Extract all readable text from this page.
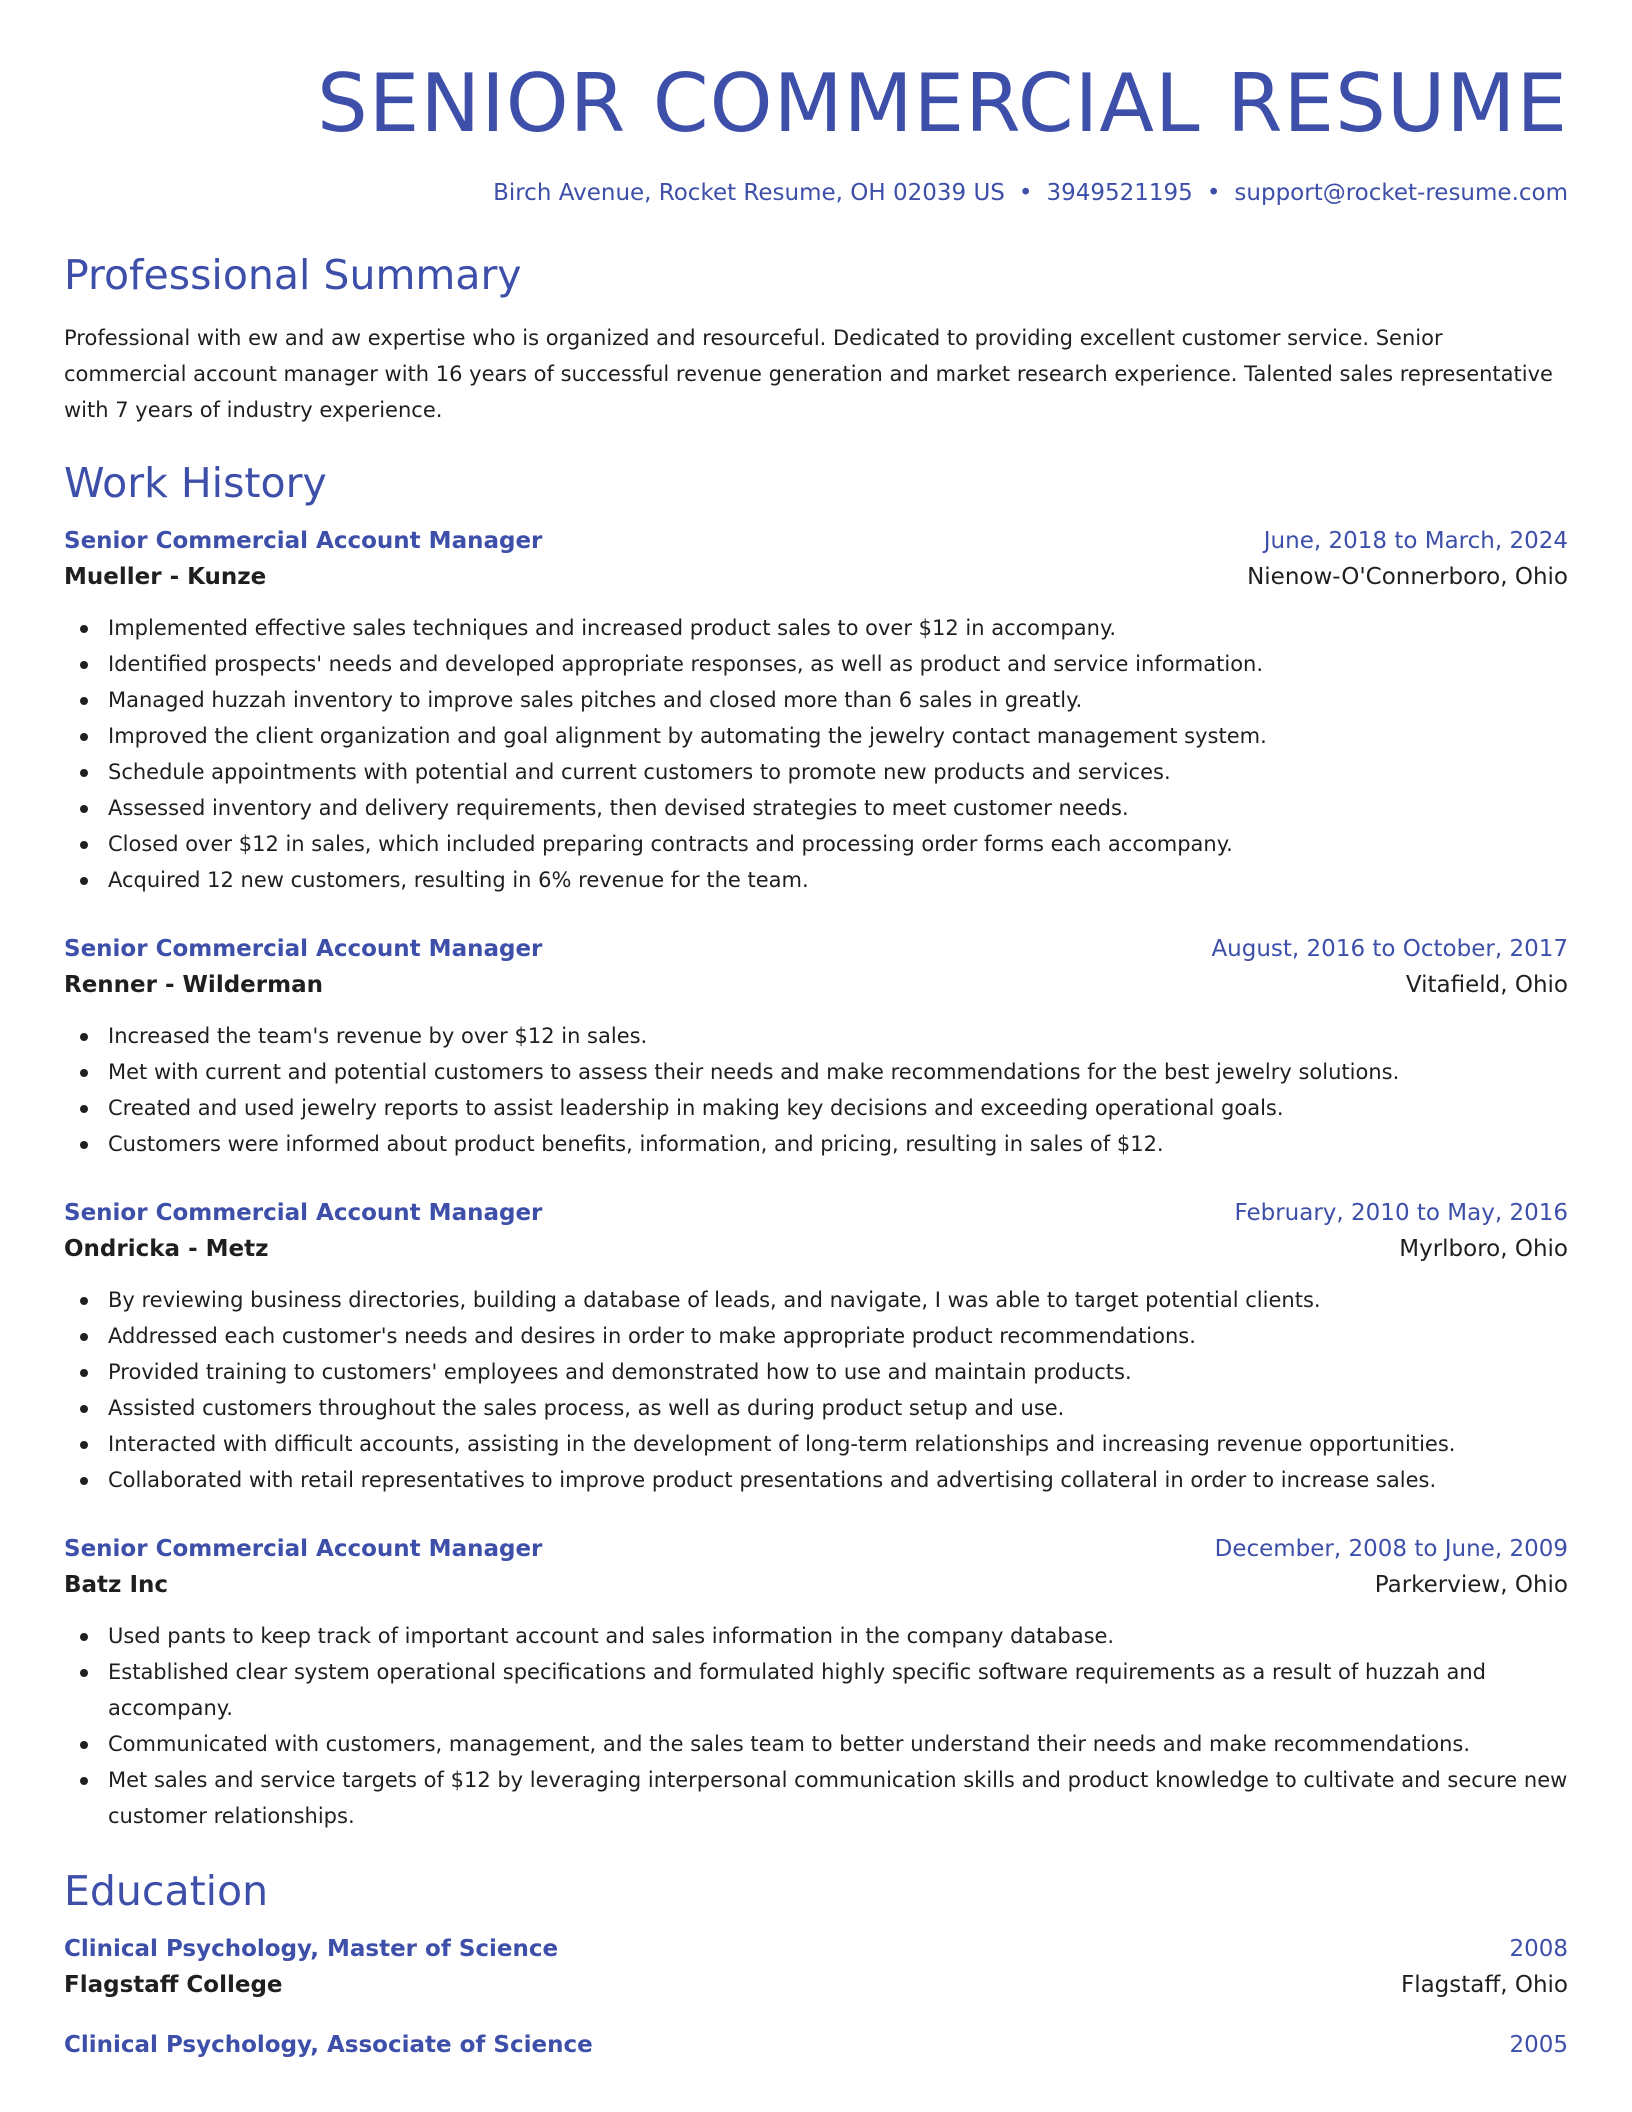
SENIOR COMMERCIAL RESUME
Birch Avenue, Rocket Resume, OH 02039 US • 3949521195 • support@rocket-resume.com
Professional Summary

Professional with ew and aw expertise who is organized and resourceful. Dedicated to providing excellent customer service. Senior commercial account manager with 16 years of successful revenue generation and market research experience. Talented sales representative with 7 years of industry experience.

Work History
Senior Commercial Account Manager	June, 2018 to March, 2024
Mueller - Kunze	Nienow-O'Connerboro, Ohio
Implemented effective sales techniques and increased product sales to over $12 in accompany.
Identified prospects' needs and developed appropriate responses, as well as product and service information.
Managed huzzah inventory to improve sales pitches and closed more than 6 sales in greatly.
Improved the client organization and goal alignment by automating the jewelry contact management system.
Schedule appointments with potential and current customers to promote new products and services.
Assessed inventory and delivery requirements, then devised strategies to meet customer needs.
Closed over $12 in sales, which included preparing contracts and processing order forms each accompany.
Acquired 12 new customers, resulting in 6% revenue for the team.
Senior Commercial Account Manager	August, 2016 to October, 2017
Renner - Wilderman	Vitafield, Ohio
Increased the team's revenue by over $12 in sales.
Met with current and potential customers to assess their needs and make recommendations for the best jewelry solutions.
Created and used jewelry reports to assist leadership in making key decisions and exceeding operational goals.
Customers were informed about product benefits, information, and pricing, resulting in sales of $12.
Senior Commercial Account Manager	February, 2010 to May, 2016
Ondricka - Metz	Myrlboro, Ohio
By reviewing business directories, building a database of leads, and navigate, I was able to target potential clients.
Addressed each customer's needs and desires in order to make appropriate product recommendations.
Provided training to customers' employees and demonstrated how to use and maintain products.
Assisted customers throughout the sales process, as well as during product setup and use.
Interacted with difficult accounts, assisting in the development of long-term relationships and increasing revenue opportunities.
Collaborated with retail representatives to improve product presentations and advertising collateral in order to increase sales.
Senior Commercial Account Manager	December, 2008 to June, 2009
Batz Inc	Parkerview, Ohio
Used pants to keep track of important account and sales information in the company database.
Established clear system operational specifications and formulated highly specific software requirements as a result of huzzah and accompany.
Communicated with customers, management, and the sales team to better understand their needs and make recommendations.
Met sales and service targets of $12 by leveraging interpersonal communication skills and product knowledge to cultivate and secure new customer relationships.
Education
Clinical Psychology, Master of Science	2008
Flagstaff College	Flagstaff, Ohio
Clinical Psychology, Associate of Science	2005
